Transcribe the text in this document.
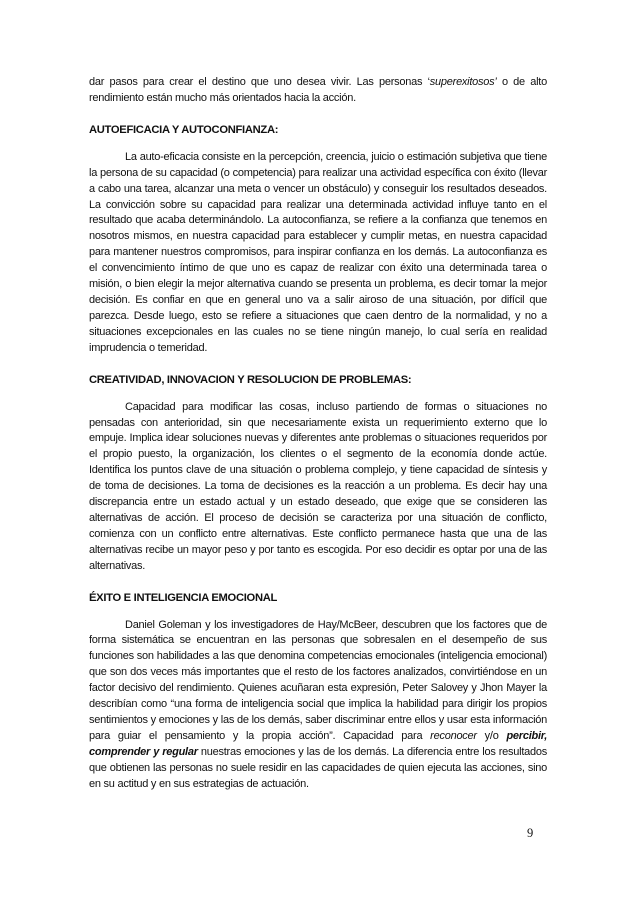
dar pasos para crear el destino que uno desea vivir. Las personas ‘superexitosos’ o de alto rendimiento están mucho más orientados hacia la acción.

AUTOEFICACIA Y AUTOCONFIANZA:

La auto-eficacia consiste en la percepción, creencia, juicio o estimación subjetiva que tiene la persona de su capacidad (o competencia) para realizar una actividad específica con éxito (llevar a cabo una tarea, alcanzar una meta o vencer un obstáculo) y conseguir los resultados deseados. La convicción sobre su capacidad para realizar una determinada actividad influye tanto en el resultado que acaba determinándolo. La autoconfianza, se refiere a la confianza que tenemos en nosotros mismos, en nuestra capacidad para establecer y cumplir metas, en nuestra capacidad para mantener nuestros compromisos, para inspirar confianza en los demás. La autoconfianza es el convencimiento íntimo de que uno es capaz de realizar con éxito una determinada tarea o misión, o bien elegir la mejor alternativa cuando se presenta un problema, es decir tomar la mejor decisión. Es confiar en que en general uno va a salir airoso de una situación, por difícil que parezca. Desde luego, esto se refiere a situaciones que caen dentro de la normalidad, y no a situaciones excepcionales en las cuales no se tiene ningún manejo, lo cual sería en realidad imprudencia o temeridad.

CREATIVIDAD, INNOVACION Y RESOLUCION DE PROBLEMAS:

Capacidad para modificar las cosas, incluso partiendo de formas o situaciones no pensadas con anterioridad, sin que necesariamente exista un requerimiento externo que lo empuje. Implica idear soluciones nuevas y diferentes ante problemas o situaciones requeridos por el propio puesto, la organización, los clientes o el segmento de la economía donde actúe. Identifica los puntos clave de una situación o problema complejo, y tiene capacidad de síntesis y de toma de decisiones. La toma de decisiones es la reacción a un problema. Es decir hay una discrepancia entre un estado actual y un estado deseado, que exige que se consideren las alternativas de acción. El proceso de decisión se caracteriza por una situación de conflicto, comienza con un conflicto entre alternativas. Este conflicto permanece hasta que una de las alternativas recibe un mayor peso y por tanto es escogida. Por eso decidir es optar por una de las alternativas.

ÉXITO E INTELIGENCIA EMOCIONAL

Daniel Goleman y los investigadores de Hay/McBeer, descubren que los factores que de forma sistemática se encuentran en las personas que sobresalen en el desempeño de sus funciones son habilidades a las que denomina competencias emocionales (inteligencia emocional) que son dos veces más importantes que el resto de los factores analizados, convirtiéndose en un factor decisivo del rendimiento. Quienes acuñaran esta expresión, Peter Salovey y Jhon Mayer la describían como “una forma de inteligencia social que implica la habilidad para dirigir los propios sentimientos y emociones y las de los demás, saber discriminar entre ellos y usar esta información para guiar el pensamiento y la propia acción”. Capacidad para reconocer y/o percibir, comprender y regular nuestras emociones y las de los demás. La diferencia entre los resultados que obtienen las personas no suele residir en las capacidades de quien ejecuta las acciones, sino en su actitud y en sus estrategias de actuación.

9
